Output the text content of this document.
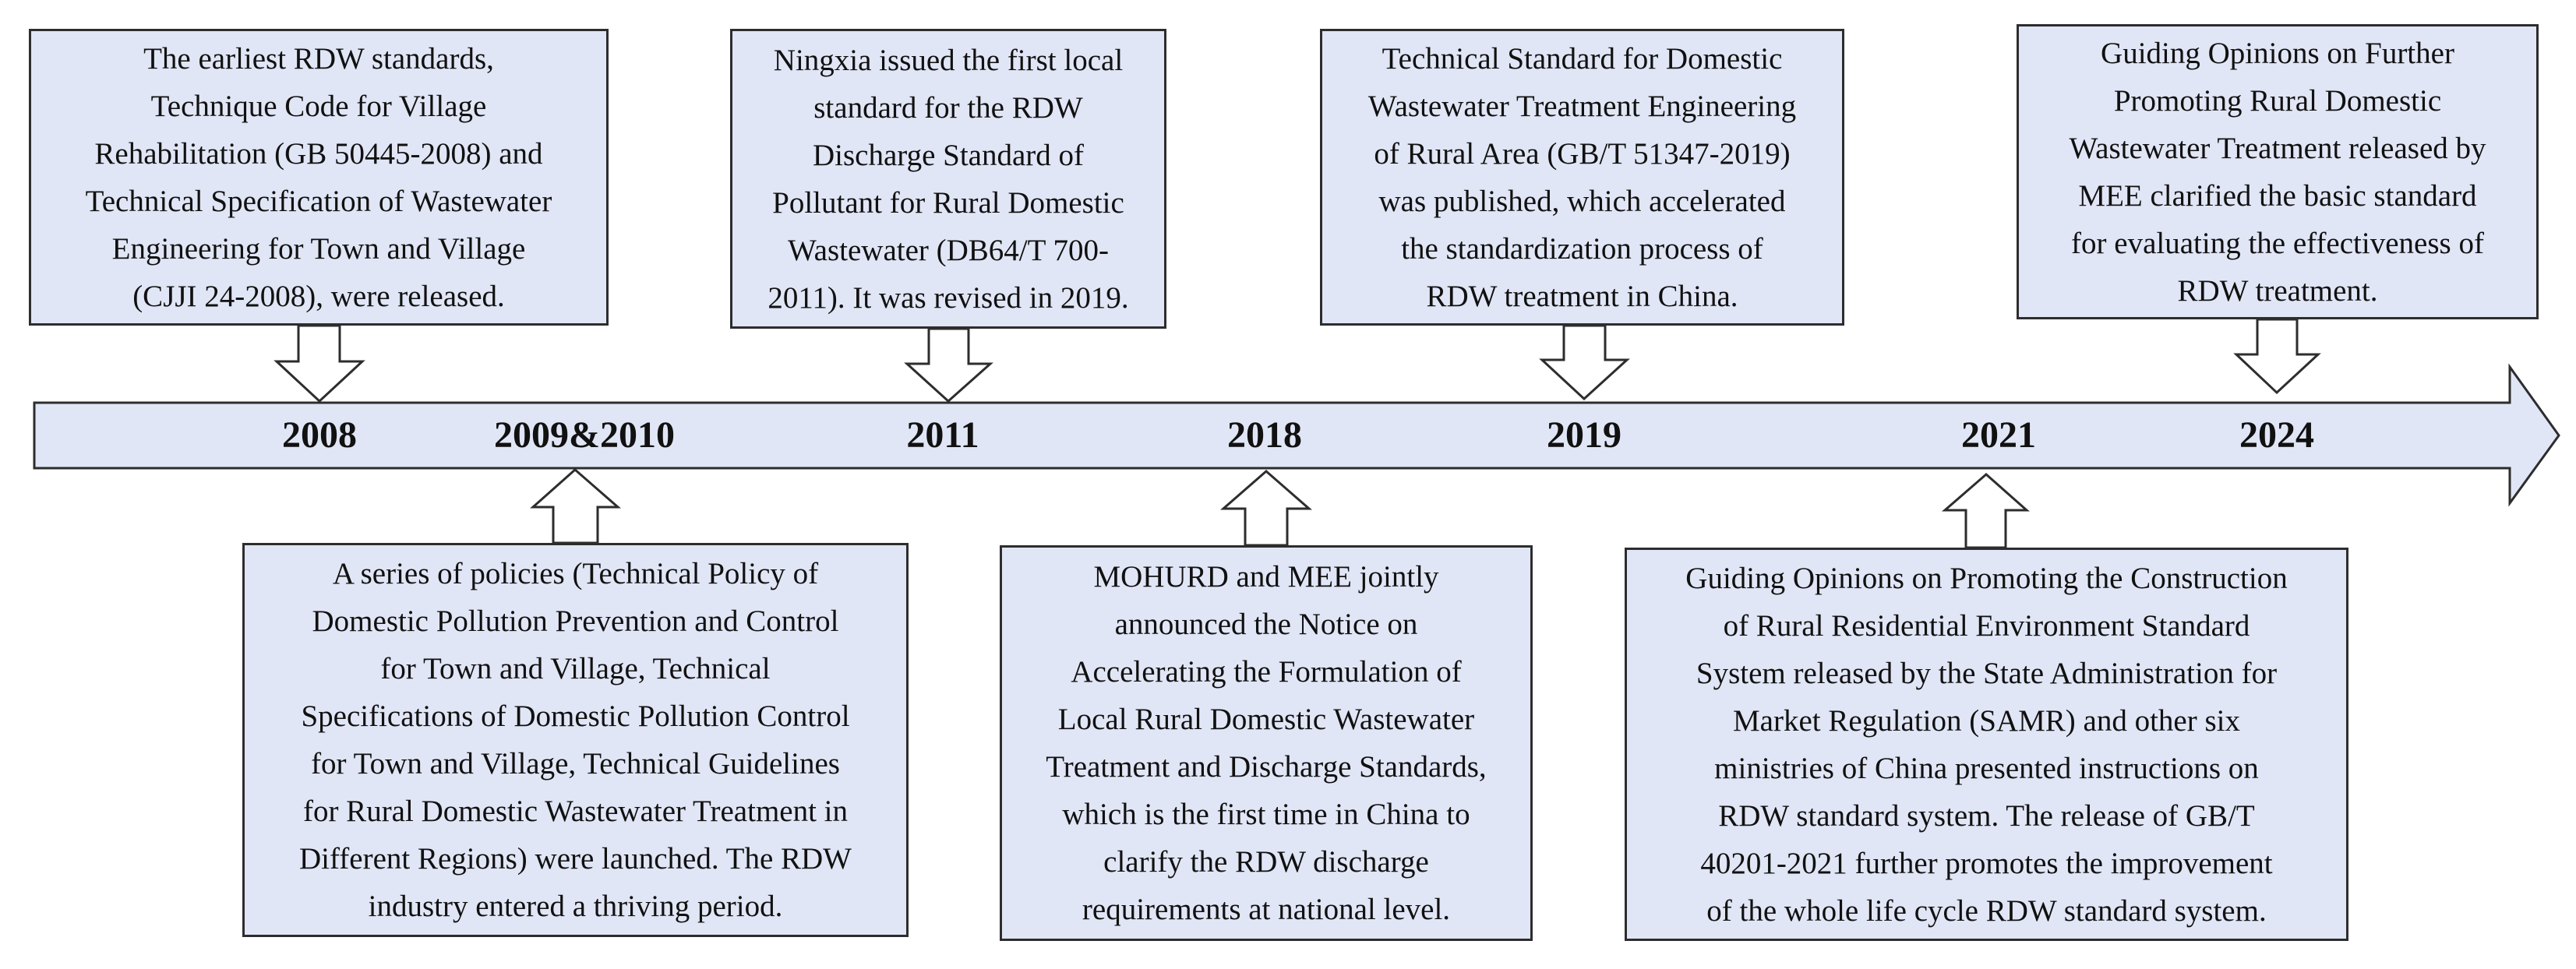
2008	2009&2010	2011	2018	2019	2021	2024
The earliest RDW standards,
Technique Code for Village
Rehabilitation (GB 50445-2008) and
Technical Specification of Wastewater
Engineering for Town and Village
(CJJI 24-2008), were released.
Ningxia issued the first local
standard for the RDW
Discharge Standard of
Pollutant for Rural Domestic
Wastewater (DB64/T 700-
2011). It was revised in 2019.
Technical Standard for Domestic
Wastewater Treatment Engineering
of Rural Area (GB/T 51347-2019)
was published, which accelerated
the standardization process of
RDW treatment in China.
Guiding Opinions on Further
Promoting Rural Domestic
Wastewater Treatment released by
MEE clarified the basic standard
for evaluating the effectiveness of
RDW treatment.
A series of policies (Technical Policy of
Domestic Pollution Prevention and Control
for Town and Village, Technical
Specifications of Domestic Pollution Control
for Town and Village, Technical Guidelines
for Rural Domestic Wastewater Treatment in
Different Regions) were launched. The RDW
industry entered a thriving period.
MOHURD and MEE jointly
announced the Notice on
Accelerating the Formulation of
Local Rural Domestic Wastewater
Treatment and Discharge Standards,
which is the first time in China to
clarify the RDW discharge
requirements at national level.
Guiding Opinions on Promoting the Construction
of Rural Residential Environment Standard
System released by the State Administration for
Market Regulation (SAMR) and other six
ministries of China presented instructions on
RDW standard system. The release of GB/T
40201-2021 further promotes the improvement
of the whole life cycle RDW standard system.
